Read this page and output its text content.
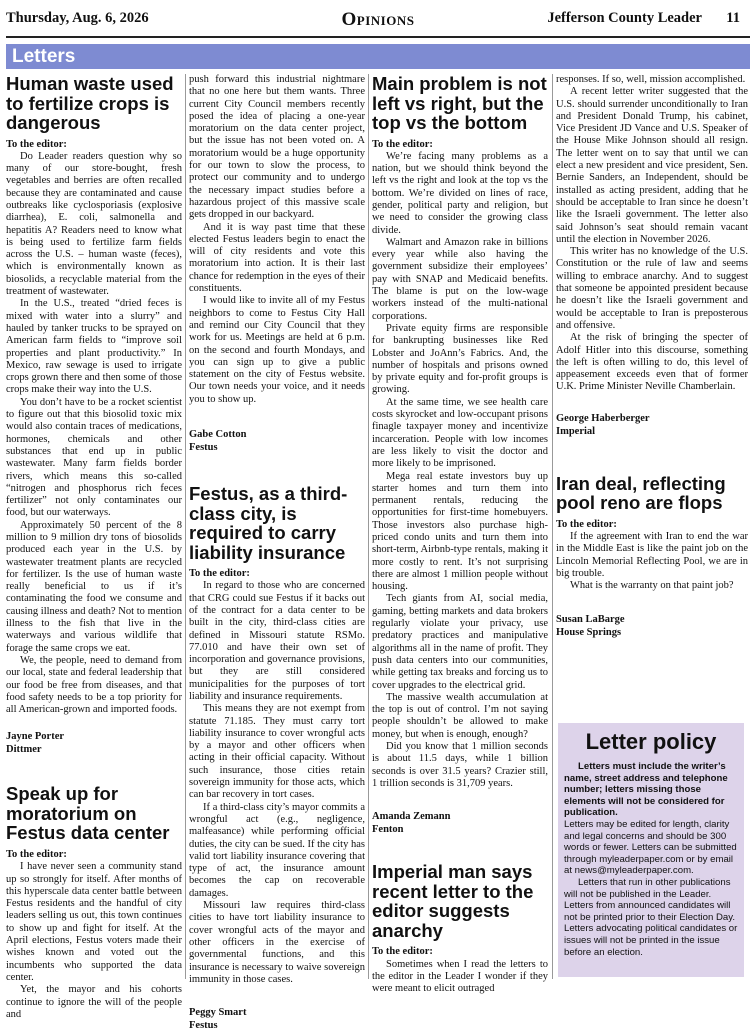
Thursday, Aug. 6, 2026	Opinions	Jefferson County Leader 11
Letters
Human waste used to fertilize crops is dangerous
To the editor:

Do Leader readers question why so many of our store-bought, fresh vegetables and berries are often recalled because they are contaminated and cause outbreaks like cyclosporiasis (explosive diarrhea), E. coli, salmonella and hepatitis A? Readers need to know what is being used to fertilize farm fields across the U.S. – human waste (feces), which is environmentally known as biosolids, a recyclable material from the treatment of wastewater.

In the U.S., treated “dried feces is mixed with water into a slurry” and hauled by tanker trucks to be sprayed on American farm fields to “improve soil properties and plant productivity.” In Mexico, raw sewage is used to irrigate crops grown there and then some of those crops make their way into the U.S.

You don’t have to be a rocket scientist to figure out that this biosolid toxic mix would also contain traces of medications, hormones, chemicals and other substances that end up in public wastewater. Many farm fields border rivers, which means this so-called “nitrogen and phosphorus rich feces fertilizer” not only contaminates our food, but our waterways.

Approximately 50 percent of the 8 million to 9 million dry tons of biosolids produced each year in the U.S. by wastewater treatment plants are recycled for fertilizer. Is the use of human waste really beneficial to us if it’s contaminating the food we consume and causing illness and death? Not to mention illness to the fish that live in the waterways and various wildlife that forage the same crops we eat.

We, the people, need to demand from our local, state and federal leadership that our food be free from diseases, and that food safety needs to be a top priority for all American-grown and imported foods.

Jayne Porter
Dittmer
Speak up for moratorium on Festus data center
To the editor:

I have never seen a community stand up so strongly for itself. After months of this hyperscale data center battle between Festus residents and the handful of city leaders selling us out, this town continues to show up and fight for itself. At the April elections, Festus voters made their wishes known and voted out the incumbents who supported the data center.

Yet, the mayor and his cohorts continue to ignore the will of the people and

push forward this industrial nightmare that no one here but them wants. Three current City Council members recently posed the idea of placing a one-year moratorium on the data center project, but the issue has not been voted on. A moratorium would be a huge opportunity for our town to slow the process, to protect our community and to undergo the necessary impact studies before a hazardous project of this massive scale gets dropped in our backyard.

And it is way past time that these elected Festus leaders begin to enact the will of city residents and vote this moratorium into action. It is their last chance for redemption in the eyes of their constituents.

I would like to invite all of my Festus neighbors to come to Festus City Hall and remind our City Council that they work for us. Meetings are held at 6 p.m. on the second and fourth Mondays, and you can sign up to give a public statement on the city of Festus website. Our town needs your voice, and it needs you to show up.

Gabe Cotton
Festus
Festus, as a third-class city, is required to carry liability insurance
To the editor:

In regard to those who are concerned that CRG could sue Festus if it backs out of the contract for a data center to be built in the city, third-class cities are defined in Missouri statute RSMo. 77.010 and have their own set of incorporation and governance provisions, but they are still considered municipalities for the purposes of tort liability and insurance requirements.

This means they are not exempt from statute 71.185. They must carry tort liability insurance to cover wrongful acts by a mayor and other officers when acting in their official capacity. Without such insurance, those cities retain sovereign immunity for those acts, which can bar recovery in tort cases.

If a third-class city’s mayor commits a wrongful act (e.g., negligence, malfeasance) while performing official duties, the city can be sued. If the city has valid tort liability insurance covering that type of act, the insurance amount becomes the cap on recoverable damages.

Missouri law requires third-class cities to have tort liability insurance to cover wrongful acts of the mayor and other officers in the exercise of governmental functions, and this insurance is necessary to waive sovereign immunity in those cases.

Peggy Smart
Festus
Main problem is not left vs right, but the top vs the bottom
To the editor:

We’re facing many problems as a nation, but we should think beyond the left vs the right and look at the top vs the bottom. We’re divided on lines of race, gender, political party and religion, but we need to consider the growing class divide.

Walmart and Amazon rake in billions every year while also having the government subsidize their employees’ pay with SNAP and Medicaid benefits. The blame is put on the low-wage workers instead of the multi-national corporations.

Private equity firms are responsible for bankrupting businesses like Red Lobster and JoAnn’s Fabrics. And, the number of hospitals and prisons owned by private equity and for-profit groups is growing.

At the same time, we see health care costs skyrocket and low-occupant prisons finagle taxpayer money and incentivize incarceration. People with low incomes are less likely to visit the doctor and more likely to be imprisoned.

Mega real estate investors buy up starter homes and turn them into permanent rentals, reducing the opportunities for first-time homebuyers. Those investors also purchase high-priced condo units and turn them into short-term, Airbnb-type rentals, making it more costly to rent. It’s not surprising there are almost 1 million people without housing.

Tech giants from AI, social media, gaming, betting markets and data brokers regularly violate your privacy, use predatory practices and manipulative algorithms all in the name of profit. They push data centers into our communities, while getting tax breaks and forcing us to cover upgrades to the electrical grid.

The massive wealth accumulation at the top is out of control. I’m not saying people shouldn’t be allowed to make money, but when is enough, enough?

Did you know that 1 million seconds is about 11.5 days, while 1 billion seconds is over 31.5 years? Crazier still, 1 trillion seconds is 31,709 years.

Amanda Zemann
Fenton
Imperial man says recent letter to the editor suggests anarchy
To the editor:

Sometimes when I read the letters to the editor in the Leader I wonder if they were meant to elicit outraged

responses. If so, well, mission accomplished.

A recent letter writer suggested that the U.S. should surrender unconditionally to Iran and President Donald Trump, his cabinet, Vice President JD Vance and U.S. Speaker of the House Mike Johnson should all resign. The letter went on to say that until we can elect a new president and vice president, Sen. Bernie Sanders, an Independent, should be installed as acting president, adding that he should be acceptable to Iran since he doesn’t like the Israeli government. The letter also said Johnson’s seat should remain vacant until the election in November 2026.

This writer has no knowledge of the U.S. Constitution or the rule of law and seems willing to embrace anarchy. And to suggest that someone be appointed president because he doesn’t like the Israeli government and would be acceptable to Iran is preposterous and offensive.

At the risk of bringing the specter of Adolf Hitler into this discourse, something the left is often willing to do, this level of appeasement exceeds even that of former U.K. Prime Minister Neville Chamberlain.

George Haberberger
Imperial
Iran deal, reflecting pool reno are flops
To the editor:

If the agreement with Iran to end the war in the Middle East is like the paint job on the Lincoln Memorial Reflecting Pool, we are in big trouble.

What is the warranty on that paint job?

Susan LaBarge
House Springs
Letter policy

Letters must include the writer’s name, street address and telephone number; letters missing those elements will not be considered for publication.

Letters may be edited for length, clarity and legal concerns and should be 300 words or fewer. Letters can be submitted through myleaderpaper.com or by email at news@myleaderpaper.com.

Letters that run in other publications will not be published in the Leader. Letters from announced candidates will not be printed prior to their Election Day. Letters advocating political candidates or issues will not be printed in the issue before an election.
